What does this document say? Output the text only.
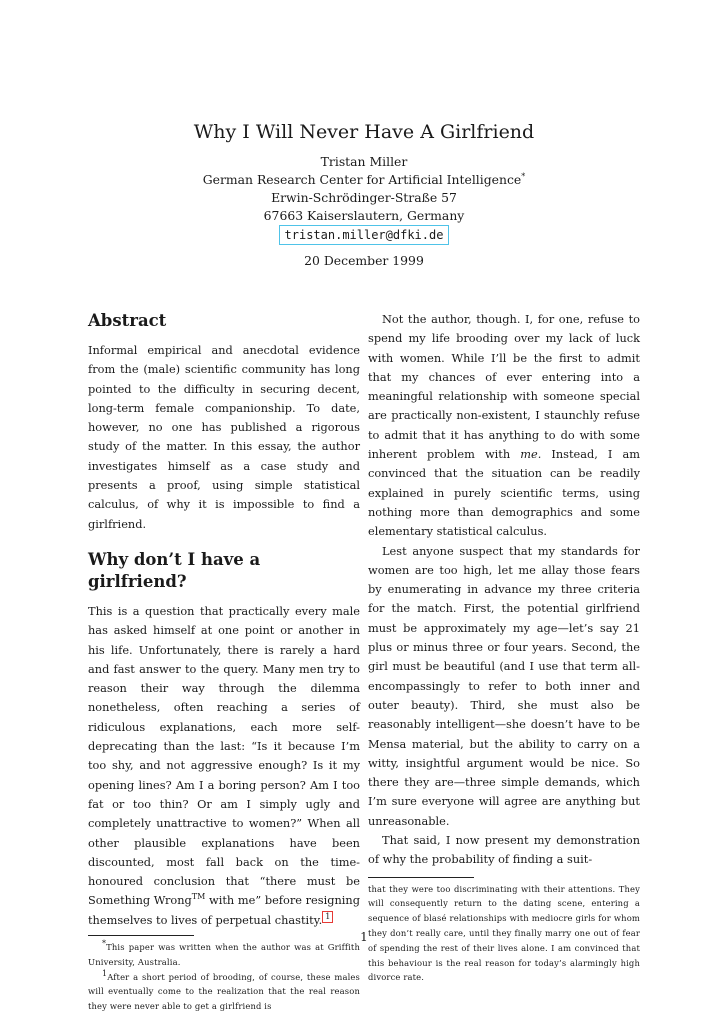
Why I Will Never Have A Girlfriend
Tristan Miller
German Research Center for Artificial Intelligence*
Erwin-Schrödinger-Straße 57
67663 Kaiserslautern, Germany
tristan.miller@dfki.de
20 December 1999
Abstract

Informal empirical and anecdotal evidence from the (male) scientific community has long pointed to the difficulty in securing decent, long-term female companionship. To date, however, no one has published a rigorous study of the matter. In this essay, the author investigates himself as a case study and presents a proof, using simple statistical calculus, of why it is impossible to find a girlfriend.

Why don’t I have a girlfriend?

This is a question that practically every male has asked himself at one point or another in his life. Unfortunately, there is rarely a hard and fast answer to the query. Many men try to reason their way through the dilemma nonetheless, often reaching a series of ridiculous explanations, each more self-deprecating than the last: “Is it because I’m too shy, and not aggressive enough? Is it my opening lines? Am I a boring person? Am I too fat or too thin? Or am I simply ugly and completely unattractive to women?” When all other plausible explanations have been discounted, most fall back on the time-honoured conclusion that “there must be Something Wrong™ with me” before resigning themselves to lives of perpetual chastity. 1

*This paper was written when the author was at Griffith University, Australia.

1After a short period of brooding, of course, these males will eventually come to the realization that the real reason they were never able to get a girlfriend is

Not the author, though. I, for one, refuse to spend my life brooding over my lack of luck with women. While I’ll be the first to admit that my chances of ever entering into a meaningful relationship with someone special are practically non-existent, I staunchly refuse to admit that it has anything to do with some inherent problem with me. Instead, I am convinced that the situation can be readily explained in purely scientific terms, using nothing more than demographics and some elementary statistical calculus.

Lest anyone suspect that my standards for women are too high, let me allay those fears by enumerating in advance my three criteria for the match. First, the potential girlfriend must be approximately my age—let’s say 21 plus or minus three or four years. Second, the girl must be beautiful (and I use that term all-encompassingly to refer to both inner and outer beauty). Third, she must also be reasonably intelligent—she doesn’t have to be Mensa material, but the ability to carry on a witty, insightful argument would be nice. So there they are—three simple demands, which I’m sure everyone will agree are anything but unreasonable.

That said, I now present my demonstration of why the probability of finding a suit-

that they were too discriminating with their attentions. They will consequently return to the dating scene, entering a sequence of blasé relationships with mediocre girls for whom they don’t really care, until they finally marry one out of fear of spending the rest of their lives alone. I am convinced that this behaviour is the real reason for today’s alarmingly high divorce rate.

1
